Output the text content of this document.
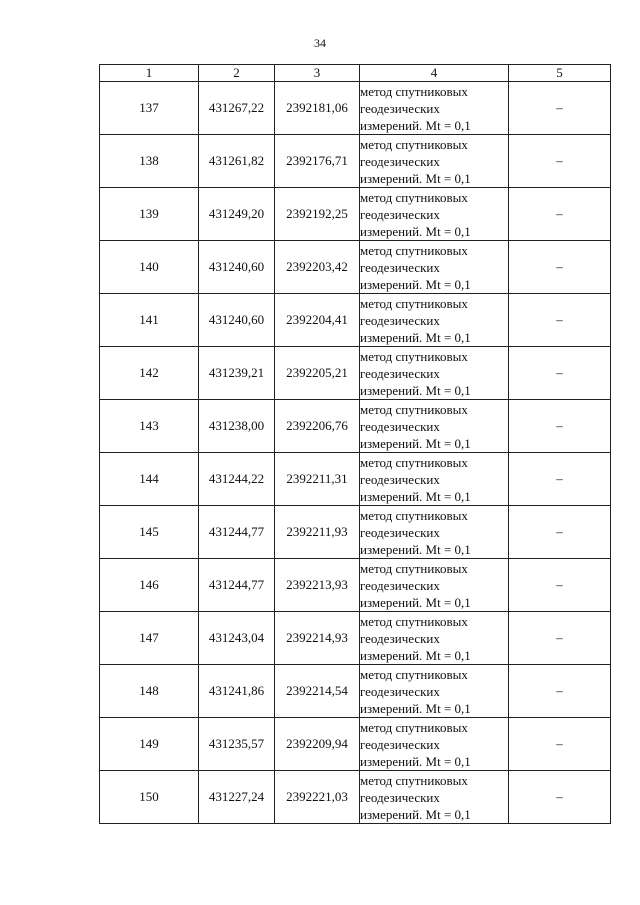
34
1	2	3	4	5
137	431267,22	2392181,06	метод спутниковых
геодезических
измерений. Mt = 0,1	–
138	431261,82	2392176,71	метод спутниковых
геодезических
измерений. Mt = 0,1	–
139	431249,20	2392192,25	метод спутниковых
геодезических
измерений. Mt = 0,1	–
140	431240,60	2392203,42	метод спутниковых
геодезических
измерений. Mt = 0,1	–
141	431240,60	2392204,41	метод спутниковых
геодезических
измерений. Mt = 0,1	–
142	431239,21	2392205,21	метод спутниковых
геодезических
измерений. Mt = 0,1	–
143	431238,00	2392206,76	метод спутниковых
геодезических
измерений. Mt = 0,1	–
144	431244,22	2392211,31	метод спутниковых
геодезических
измерений. Mt = 0,1	–
145	431244,77	2392211,93	метод спутниковых
геодезических
измерений. Mt = 0,1	–
146	431244,77	2392213,93	метод спутниковых
геодезических
измерений. Mt = 0,1	–
147	431243,04	2392214,93	метод спутниковых
геодезических
измерений. Mt = 0,1	–
148	431241,86	2392214,54	метод спутниковых
геодезических
измерений. Mt = 0,1	–
149	431235,57	2392209,94	метод спутниковых
геодезических
измерений. Mt = 0,1	–
150	431227,24	2392221,03	метод спутниковых
геодезических
измерений. Mt = 0,1	–
